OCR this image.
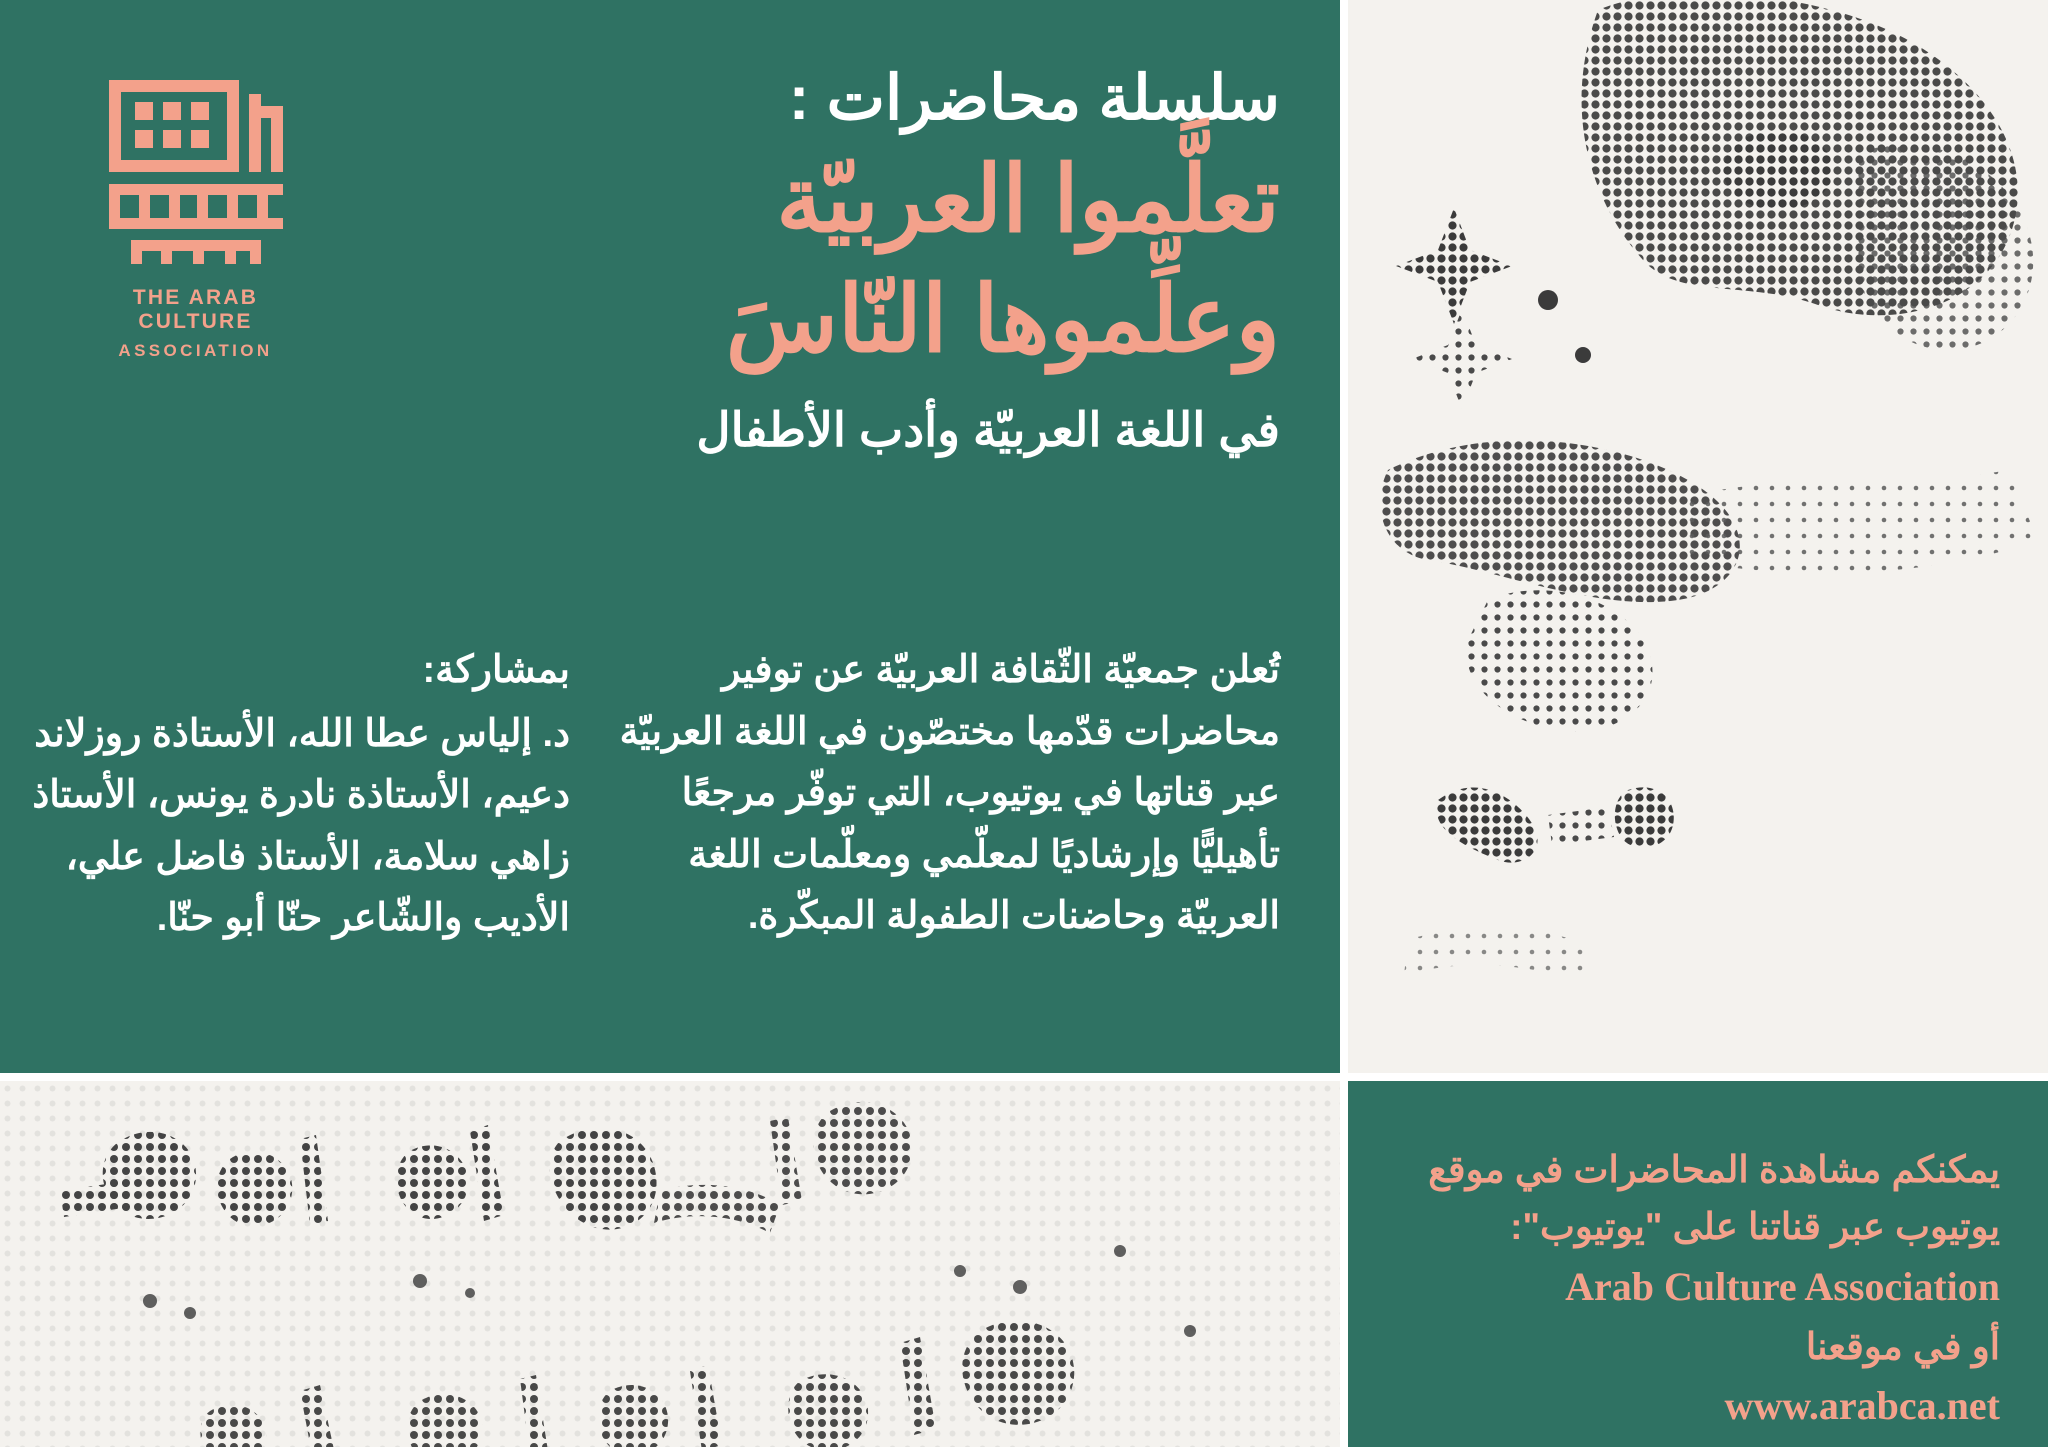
THE ARAB CULTURE
ASSOCIATION
سلسلة محاضرات :
تعلَّموا العربيّة
وعلِّموها النّاسَ
في اللغة العربيّة وأدب الأطفال
تُعلن جمعيّة الثّقافة العربيّة عن توفير محاضرات قدّمها مختصّون في اللغة العربيّة عبر قناتها في يوتيوب، التي توفّر مرجعًا تأهيليًّا وإرشاديًا لمعلّمي ومعلّمات اللغة العربيّة وحاضنات الطفولة المبكّرة.
بمشاركة:
د. إلياس عطا الله، الأستاذة روزلاند دعيم، الأستاذة نادرة يونس، الأستاذ زاهي سلامة، الأستاذ فاضل علي، الأديب والشّاعر حنّا أبو حنّا.
يمكنكم مشاهدة المحاضرات في موقع
يوتيوب عبر قناتنا على "يوتيوب":
Arab Culture Association
أو في موقعنا
www.arabca.net
